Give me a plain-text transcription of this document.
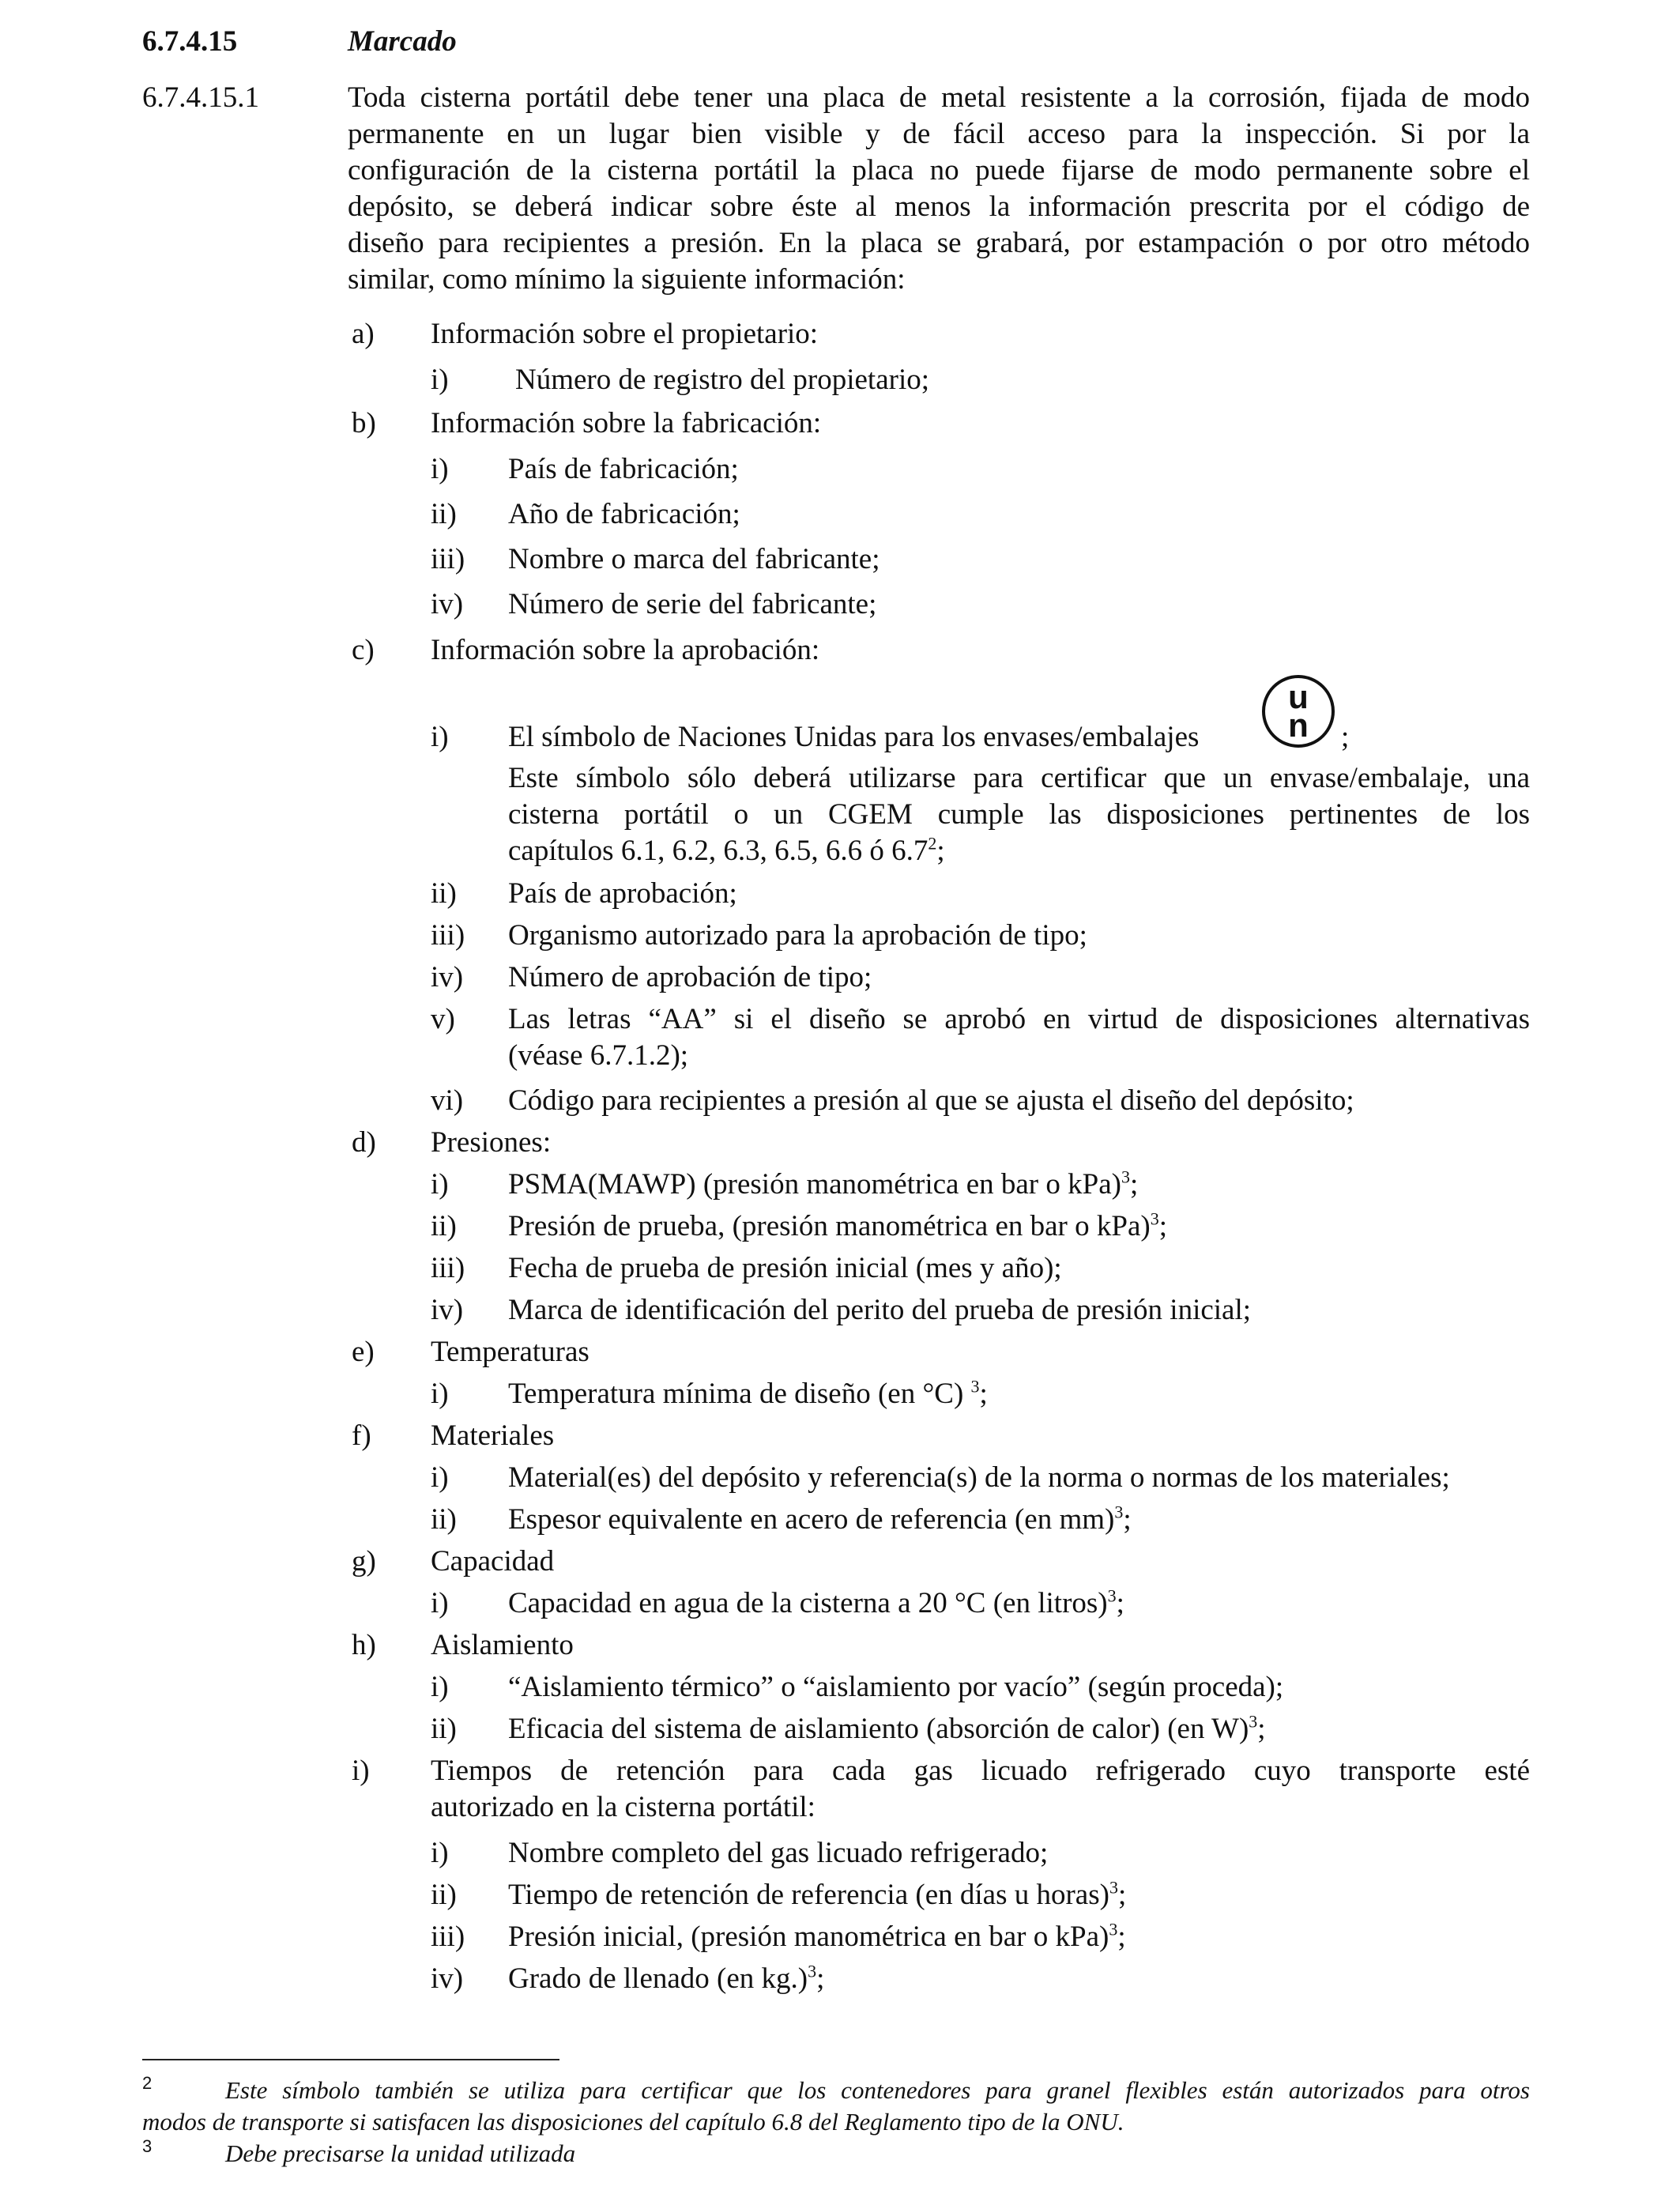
6.7.4.15	Marcado
6.7.4.15.1	Toda cisterna portátil debe tener una placa de metal resistente a la corrosión, fijada de modo
permanente en un lugar bien visible y de fácil acceso para la inspección. Si por la
configuración de la cisterna portátil la placa no puede fijarse de modo permanente sobre el
depósito, se deberá indicar sobre éste al menos la información prescrita por el código de
diseño para recipientes a presión. En la placa se grabará, por estampación o por otro método
similar, como mínimo la siguiente información:
a) Información sobre el propietario:
i) Número de registro del propietario;
b) Información sobre la fabricación:
i) País de fabricación;
ii) Año de fabricación;
iii) Nombre o marca del fabricante;
iv) Número de serie del fabricante;
c) Información sobre la aprobación:
i) El símbolo de Naciones Unidas para los envases/embalajes
u
n ;
Este símbolo sólo deberá utilizarse para certificar que un envase/embalaje, una
cisterna portátil o un CGEM cumple las disposiciones pertinentes de los
capítulos 6.1, 6.2, 6.3, 6.5, 6.6 ó $6.7^2$;
ii) País de aprobación;
iii) Organismo autorizado para la aprobación de tipo;
iv) Número de aprobación de tipo;
v) Las letras “AA” si el diseño se aprobó en virtud de disposiciones alternativas
(véase 6.7.1.2);
vi) Código para recipientes a presión al que se ajusta el diseño del depósito;
d) Presiones:
i) PSMA(MAWP) (presión manométrica en bar o kPa)$^3$;
ii) Presión de prueba, (presión manométrica en bar o kPa)$^3$;
iii) Fecha de prueba de presión inicial (mes y año);
iv) Marca de identificación del perito del prueba de presión inicial;
e) Temperaturas
i) Temperatura mínima de diseño (en °C) $^3$;
f) Materiales
i) Material(es) del depósito y referencia(s) de la norma o normas de los materiales;
ii) Espesor equivalente en acero de referencia (en mm)$^3$;
g) Capacidad
i) Capacidad en agua de la cisterna a 20 °C (en litros)$^3$;
h) Aislamiento
i) “Aislamiento térmico” o “aislamiento por vacío” (según proceda);
ii) Eficacia del sistema de aislamiento (absorción de calor) (en W)$^3$;
i) Tiempos de retención para cada gas licuado refrigerado cuyo transporte esté
autorizado en la cisterna portátil:
i) Nombre completo del gas licuado refrigerado;
ii) Tiempo de retención de referencia (en días u horas)$^3$;
iii) Presión inicial, (presión manométrica en bar o kPa)$^3$;
iv) Grado de llenado (en kg.)$^3$;
2	Este símbolo también se utiliza para certificar que los contenedores para granel flexibles están autorizados para otros
modos de transporte si satisfacen las disposiciones del capítulo 6.8 del Reglamento tipo de la ONU.
3	Debe precisarse la unidad utilizada
